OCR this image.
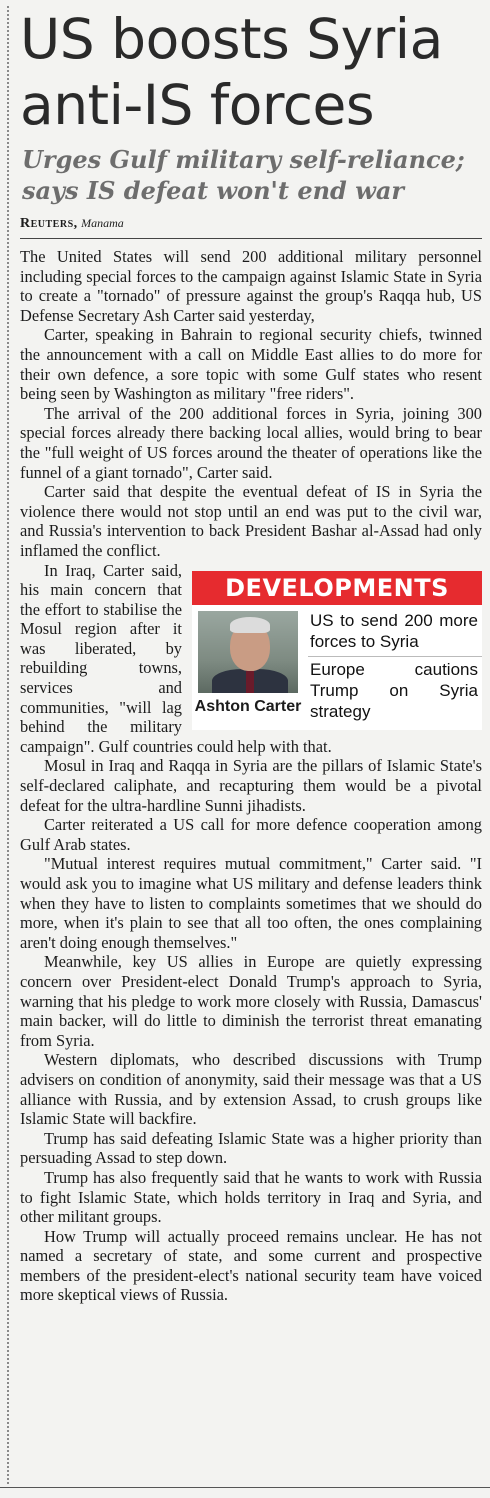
US boosts Syria
anti-IS forces
Urges Gulf military self-reliance;
says IS defeat won't end war
Reuters, Manama

The United States will send 200 additional military personnel including special forces to the campaign against Islamic State in Syria to create a "tornado" of pressure against the group's Raqqa hub, US Defense Secretary Ash Carter said yesterday,

Carter, speaking in Bahrain to regional security chiefs, twinned the announcement with a call on Middle East allies to do more for their own defence, a sore topic with some Gulf states who resent being seen by Washington as military "free riders".

The arrival of the 200 additional forces in Syria, joining 300 special forces already there backing local allies, would bring to bear the "full weight of US forces around the theater of operations like the funnel of a giant tornado", Carter said.

Carter said that despite the eventual defeat of IS in Syria the violence there would not stop until an end was put to the civil war, and Russia's intervention to back President Bashar al-Assad had only inflamed the conflict.

DEVELOPMENTS
Ashton Carter
US to send 200 more forces to Syria
Europe cautions Trump on Syria strategy

In Iraq, Carter said, his main concern that the effort to stabilise the Mosul region after it was liberated, by rebuilding towns, services and communities, "will lag behind the military campaign". Gulf countries could help with that.

Mosul in Iraq and Raqqa in Syria are the pillars of Islamic State's self-declared caliphate, and recapturing them would be a pivotal defeat for the ultra-hardline Sunni jihadists.

Carter reiterated a US call for more defence cooperation among Gulf Arab states.

"Mutual interest requires mutual commitment," Carter said. "I would ask you to imagine what US military and defense leaders think when they have to listen to complaints sometimes that we should do more, when it's plain to see that all too often, the ones complaining aren't doing enough themselves."

Meanwhile, key US allies in Europe are quietly expressing concern over President-elect Donald Trump's approach to Syria, warning that his pledge to work more closely with Russia, Damascus' main backer, will do little to diminish the terrorist threat emanating from Syria.

Western diplomats, who described discussions with Trump advisers on condition of anonymity, said their message was that a US alliance with Russia, and by extension Assad, to crush groups like Islamic State will backfire.

Trump has said defeating Islamic State was a higher priority than persuading Assad to step down.

Trump has also frequently said that he wants to work with Russia to fight Islamic State, which holds territory in Iraq and Syria, and other militant groups.

How Trump will actually proceed remains unclear. He has not named a secretary of state, and some current and prospective members of the president-elect's national security team have voiced more skeptical views of Russia.
